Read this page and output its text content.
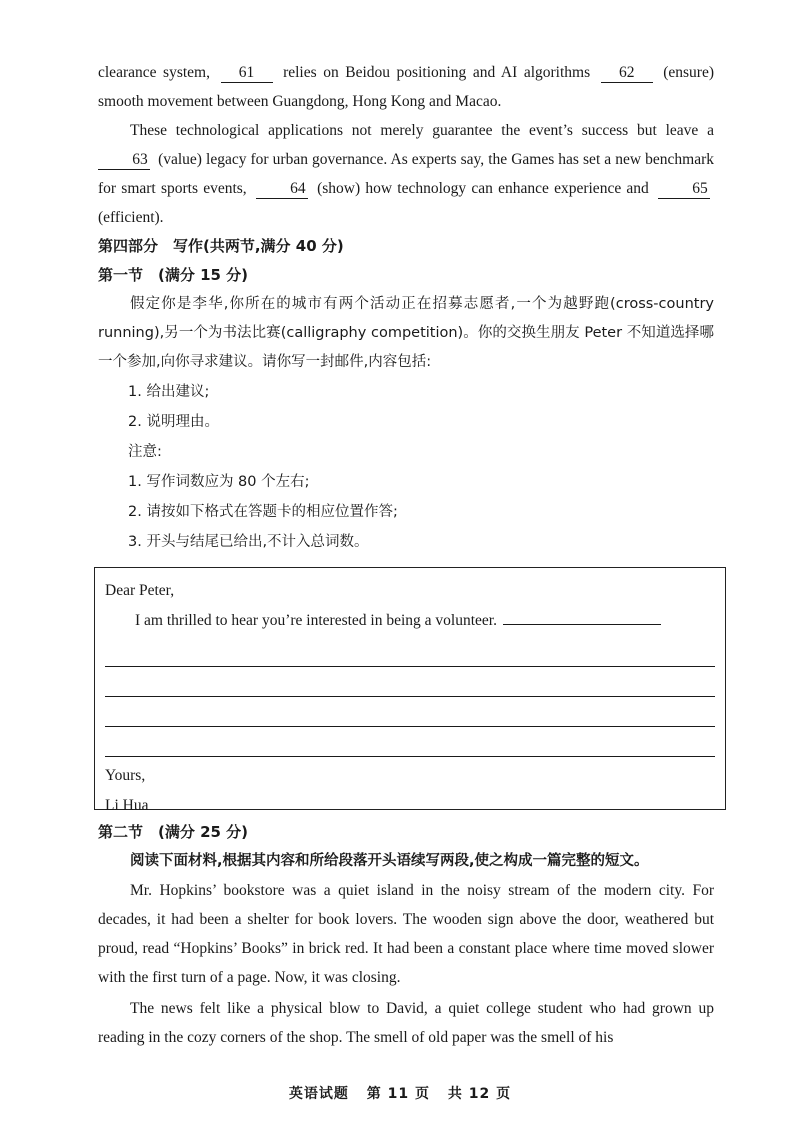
clearance system, 61 relies on Beidou positioning and AI algorithms 62 (ensure) smooth movement between Guangdong, Hong Kong and Macao.

These technological applications not merely guarantee the event’s success but leave a 63 (value) legacy for urban governance. As experts say, the Games has set a new benchmark for smart sports events,	64 (show) how technology can enhance experience and	65(efficient).

第四部分　写作(共两节,满分 40 分)

第一节　(满分 15 分)

假定你是李华,你所在的城市有两个活动正在招募志愿者,一个为越野跑(cross-country running),另一个为书法比赛(calligraphy competition)。你的交换生朋友 Peter 不知道选择哪一个参加,向你寻求建议。请你写一封邮件,内容包括:

1. 给出建议;

2. 说明理由。

注意:

1. 写作词数应为 80 个左右;

2. 请按如下格式在答题卡的相应位置作答;

3. 开头与结尾已给出,不计入总词数。

Dear Peter,
I am thrilled to hear you’re interested in being a volunteer.
Yours,
Li Hua

第二节　(满分 25 分)

阅读下面材料,根据其内容和所给段落开头语续写两段,使之构成一篇完整的短文。

Mr. Hopkins’ bookstore was a quiet island in the noisy stream of the modern city. For decades, it had been a shelter for book lovers. The wooden sign above the door, weathered but proud, read “Hopkins’ Books” in brick red. It had been a constant place where time moved slower with the first turn of a page. Now, it was closing.

The news felt like a physical blow to David, a quiet college student who had grown up reading in the cozy corners of the shop. The smell of old paper was the smell of his

英语试题 第 11 页 共 12 页
